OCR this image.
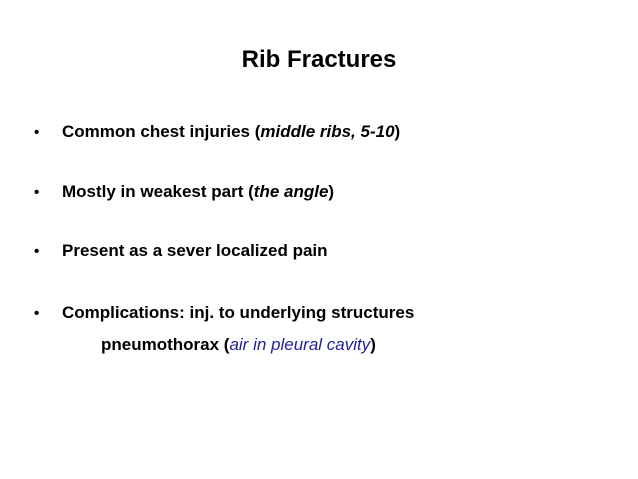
Rib Fractures
• Common chest injuries (middle ribs, 5-10)
• Mostly in weakest part (the angle)
• Present as a sever localized pain
• Complications: inj. to underlying structures
pneumothorax (air in pleural cavity)
